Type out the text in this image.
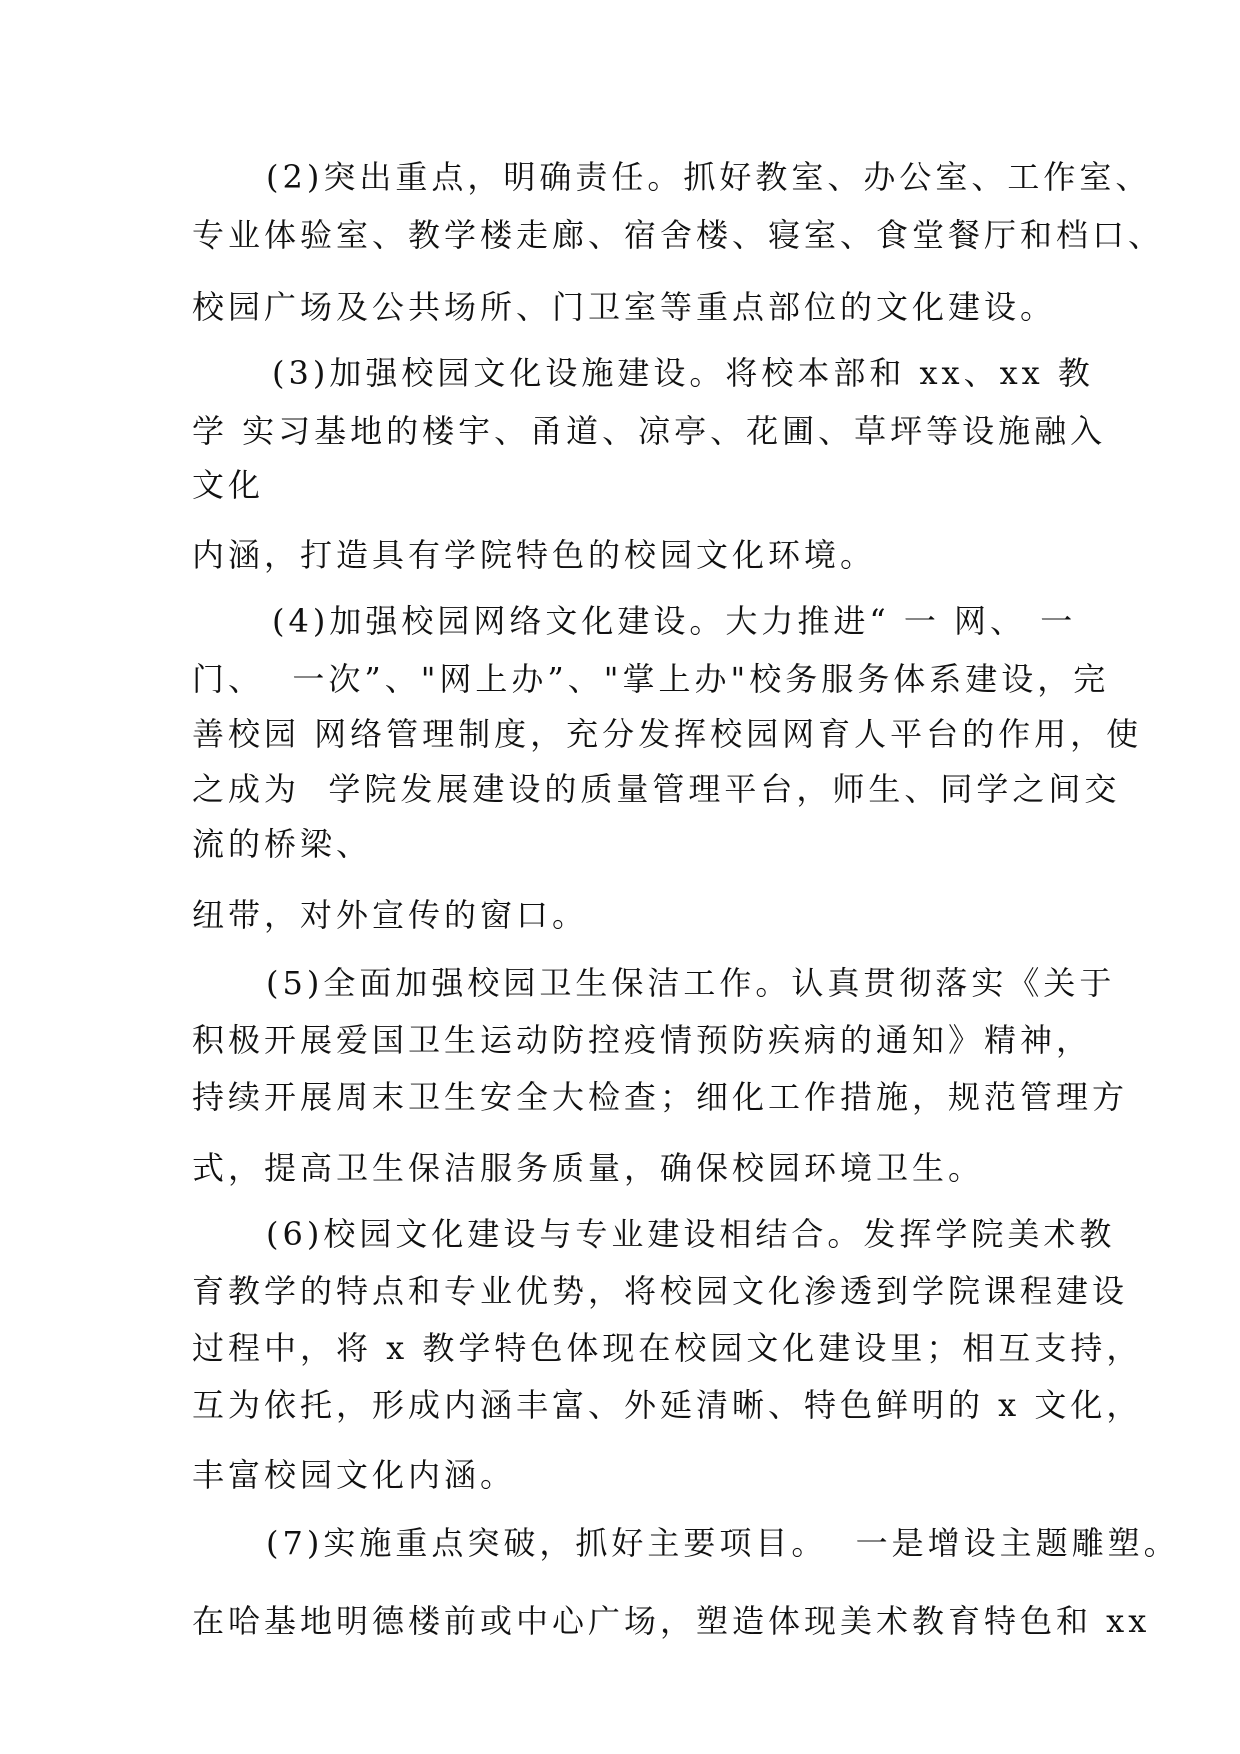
(2)突出重点，明确责任。抓好教室、办公室、工作室、
专业体验室、教学楼走廊、宿舍楼、寝室、食堂餐厅和档口、
校园广场及公共场所、门卫室等重点部位的文化建设。
(3)加强校园文化设施建设。将校本部和 xx、xx 教
学 实习基地的楼宇、甬道、凉亭、花圃、草坪等设施融入
文化
内涵，打造具有学院特色的校园文化环境。
(4)加强校园网络文化建设。大力推进“ 一 网、 一
门、  一次”、"网上办”、"掌上办"校务服务体系建设，完
善校园 网络管理制度，充分发挥校园网育人平台的作用，使
之成为  学院发展建设的质量管理平台，师生、同学之间交
流的桥梁、
纽带，对外宣传的窗口。
(5)全面加强校园卫生保洁工作。认真贯彻落实《关于
积极开展爱国卫生运动防控疫情预防疾病的通知》精神，
持续开展周末卫生安全大检查；细化工作措施，规范管理方
式，提高卫生保洁服务质量，确保校园环境卫生。
(6)校园文化建设与专业建设相结合。发挥学院美术教
育教学的特点和专业优势，将校园文化渗透到学院课程建设
过程中，将 x 教学特色体现在校园文化建设里；相互支持，
互为依托，形成内涵丰富、外延清晰、特色鲜明的 x 文化，
丰富校园文化内涵。
(7)实施重点突破，抓好主要项目。  一是增设主题雕塑。
在哈基地明德楼前或中心广场，塑造体现美术教育特色和 xx
